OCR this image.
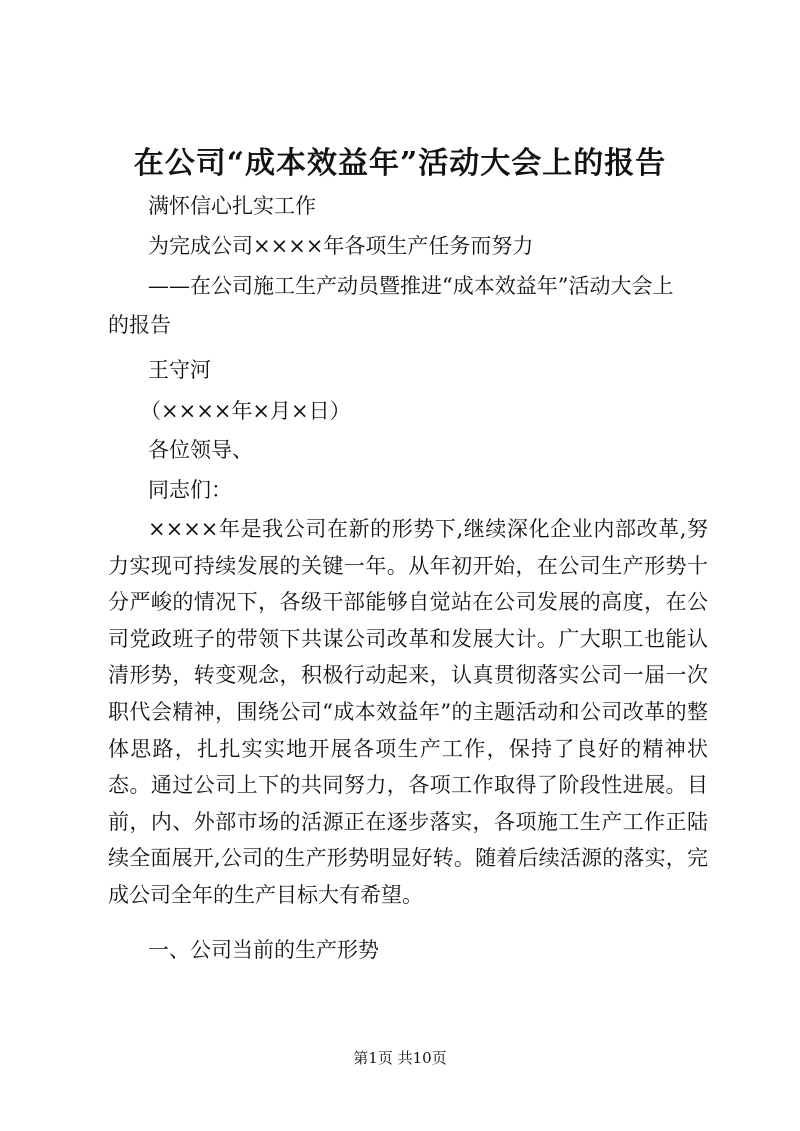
在公司“成本效益年”活动大会上的报告
满怀信心扎实工作
为完成公司××××年各项生产任务而努力
——在公司施工生产动员暨推进“成本效益年”活动大会上
的报告
王守河
（××××年×月×日）
各位领导、
同志们：
××××年是我公司在新的形势下,继续深化企业内部改革,努力实现可持续发展的关键一年。从年初开始，在公司生产形势十分严峻的情况下，各级干部能够自觉站在公司发展的高度，在公司党政班子的带领下共谋公司改革和发展大计。广大职工也能认清形势，转变观念，积极行动起来，认真贯彻落实公司一届一次职代会精神，围绕公司“成本效益年”的主题活动和公司改革的整体思路，扎扎实实地开展各项生产工作，保持了良好的精神状态。通过公司上下的共同努力，各项工作取得了阶段性进展。目前，内、外部市场的活源正在逐步落实，各项施工生产工作正陆续全面展开,公司的生产形势明显好转。随着后续活源的落实，完成公司全年的生产目标大有希望。
一、公司当前的生产形势
第1页 共10页
